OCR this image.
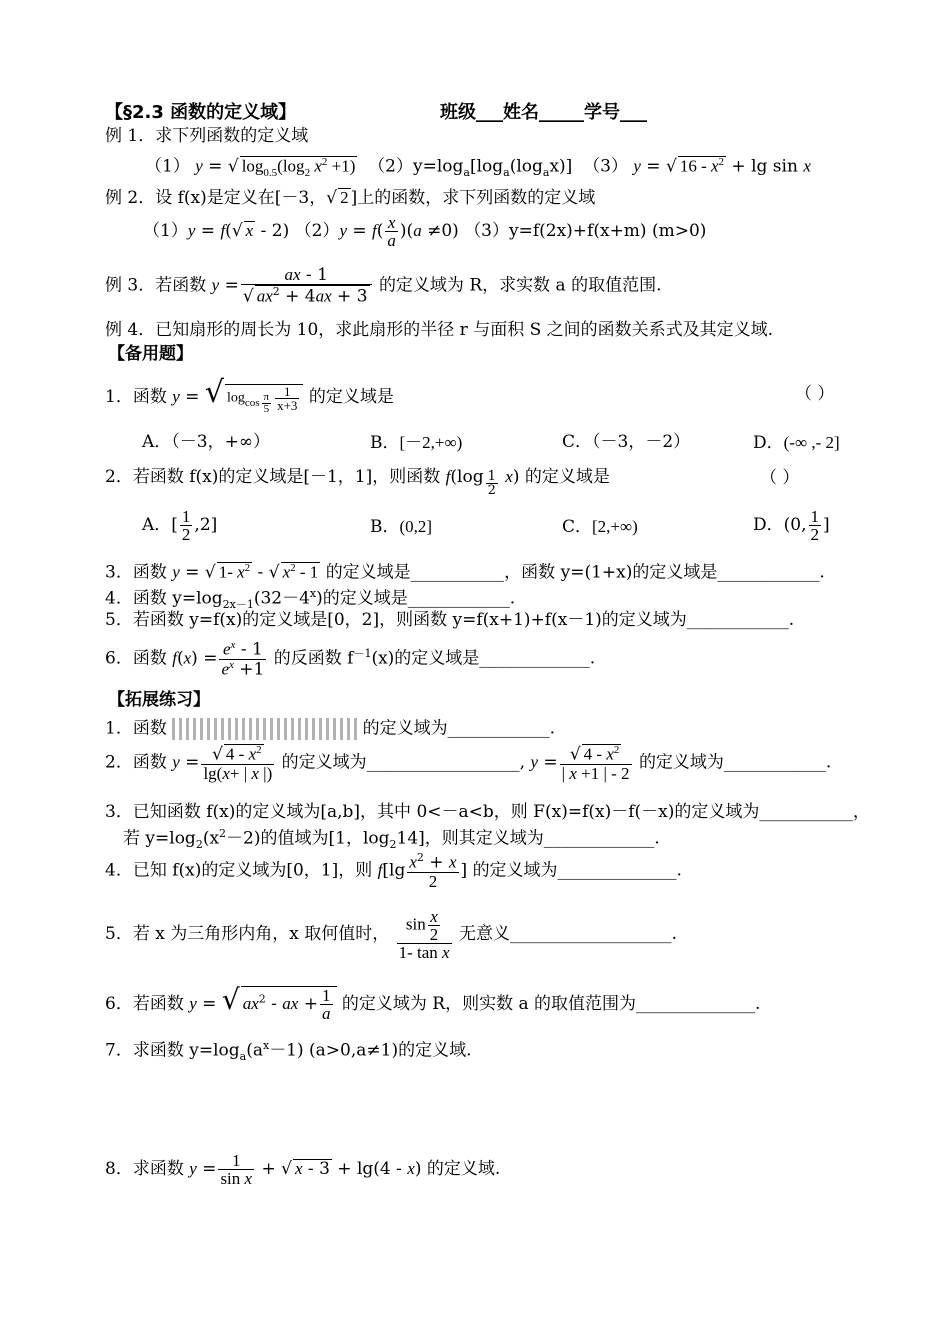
【§2.3 函数的定义域】	班级___姓名_____学号___
例 1．求下列函数的定义域
（1） y = √ $\log_{0.5}(\log_2$ $x^2 +1$) $(2)y=\log_a[\log_a(\log_ax)]$ （3） y = √ $16 - x^2 + \lg \sin x$
例 2．设 f(x)是定义在[－3，√ 2 ]上的函数，求下列函数的定义域
（1）y = f(√ x - 2) $(2)y = f( \frac{x}{a} )(a \ne 0)$ （3）y=f(2x)+f(x+m) (m>0)
例 3．若函数 $y = \frac{ax - 1}{√ ax^2 + 4ax + 3}$ 的定义域为 R，求实数 a 的取值范围.
例 4．已知扇形的周长为 10，求此扇形的半径 r 与面积 S 之间的函数关系式及其定义域.
【备用题】
1．函数 y = √ $\log_{cos \frac{\pi}{5}} \frac{1}{x+3}$ 的定义域是	（ ）
A．（－3，+∞）	B．[－2,+∞)	C．（－3，－2）	D．(-∞ ,- 2]
2．若函数 f(x)的定义域是[－1，1]，则函数 f(log $_{\frac{1}{2}}$ x) 的定义域是	（ ）
A．[ $\frac{1}{2} ,2$]	B．(0,2]	C．[2,+∞)	D．(0, $\frac{1}{2}$ ]
3．函数 y = √ 1- $x^2$ - √ $x^2 - 1$ 的定义域是___________，函数 y=(1+x)的定义域是____________.
4．函数 $y=\log_{2x-1}(32-4^x)$的定义域是____________.
5．若函数 y=f(x)的定义域是[0，2]，则函数 y=f(x+1)+f(x－1)的定义域为____________.
6．函数 $f(x) = \frac{e^x - 1}{e^x +1}$ 的反函数 $f^{-1}(x)$的定义域是_____________.
【拓展练习】
1．函数	的定义域为____________.
2．函数 $y = \frac{√ 4 - x^2}{\lg(x+ | x |)}$ 的定义域为__________________, $y = \frac{√ 4 - x^2}{| x +1 | - 2}$ 的定义域为____________.
3．已知函数 f(x)的定义域为[a,b]，其中 0<－a<b，则 F(x)=f(x)－f(－x)的定义域为___________，
若 $y=\log_2(x^2-2)$的值域为[1，$\log_214$]，则其定义域为_____________.
4．已知 f(x)的定义域为[0，1]，则 $f[\lg \frac{x^2 + x}{2}$ ] 的定义域为______________.
5．若 x 为三角形内角，x 取何值时， $\frac{\sin \frac{x}{2}}{\text{1- tan x}}$ 无意义___________________.
6．若函数 y = √ $ax^2$ - ax + $\frac{1}{a}$ 的定义域为 R，则实数 a 的取值范围为______________.
7．求函数 $y=\log_a(a^x-1)$ (a>0,a≠1)的定义域.
8．求函数 $y = \frac{1}{\text{sin x}}$ + √ x - 3 + lg(4 - x) 的定义域.
